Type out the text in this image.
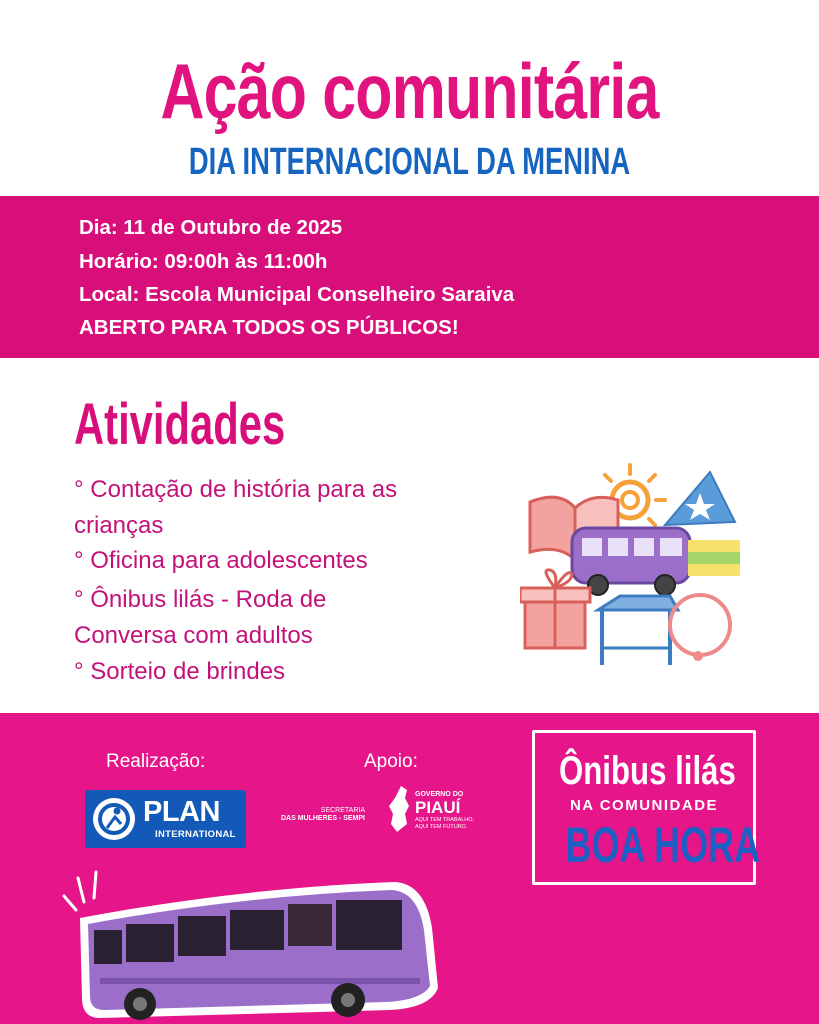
Ação comunitária
DIA INTERNACIONAL DA MENINA
Dia: 11 de Outubro de 2025
Horário: 09:00h às 11:00h
Local: Escola Municipal Conselheiro Saraiva
ABERTO PARA TODOS OS PÚBLICOS!
Atividades
° Contação de história para as
crianças
° Oficina para adolescentes
° Ônibus lilás - Roda de
Conversa com adultos
° Sorteio de brindes
Realização:	Apoio:
PLAN
INTERNATIONAL
SECRETARIA
DAS MULHERES - SEMPI
GOVERNO DO
PIAUÍ
AQUI TEM TRABALHO,
AQUI TEM FUTURO.
Ônibus lilás
NA COMUNIDADE
BOA HORA
